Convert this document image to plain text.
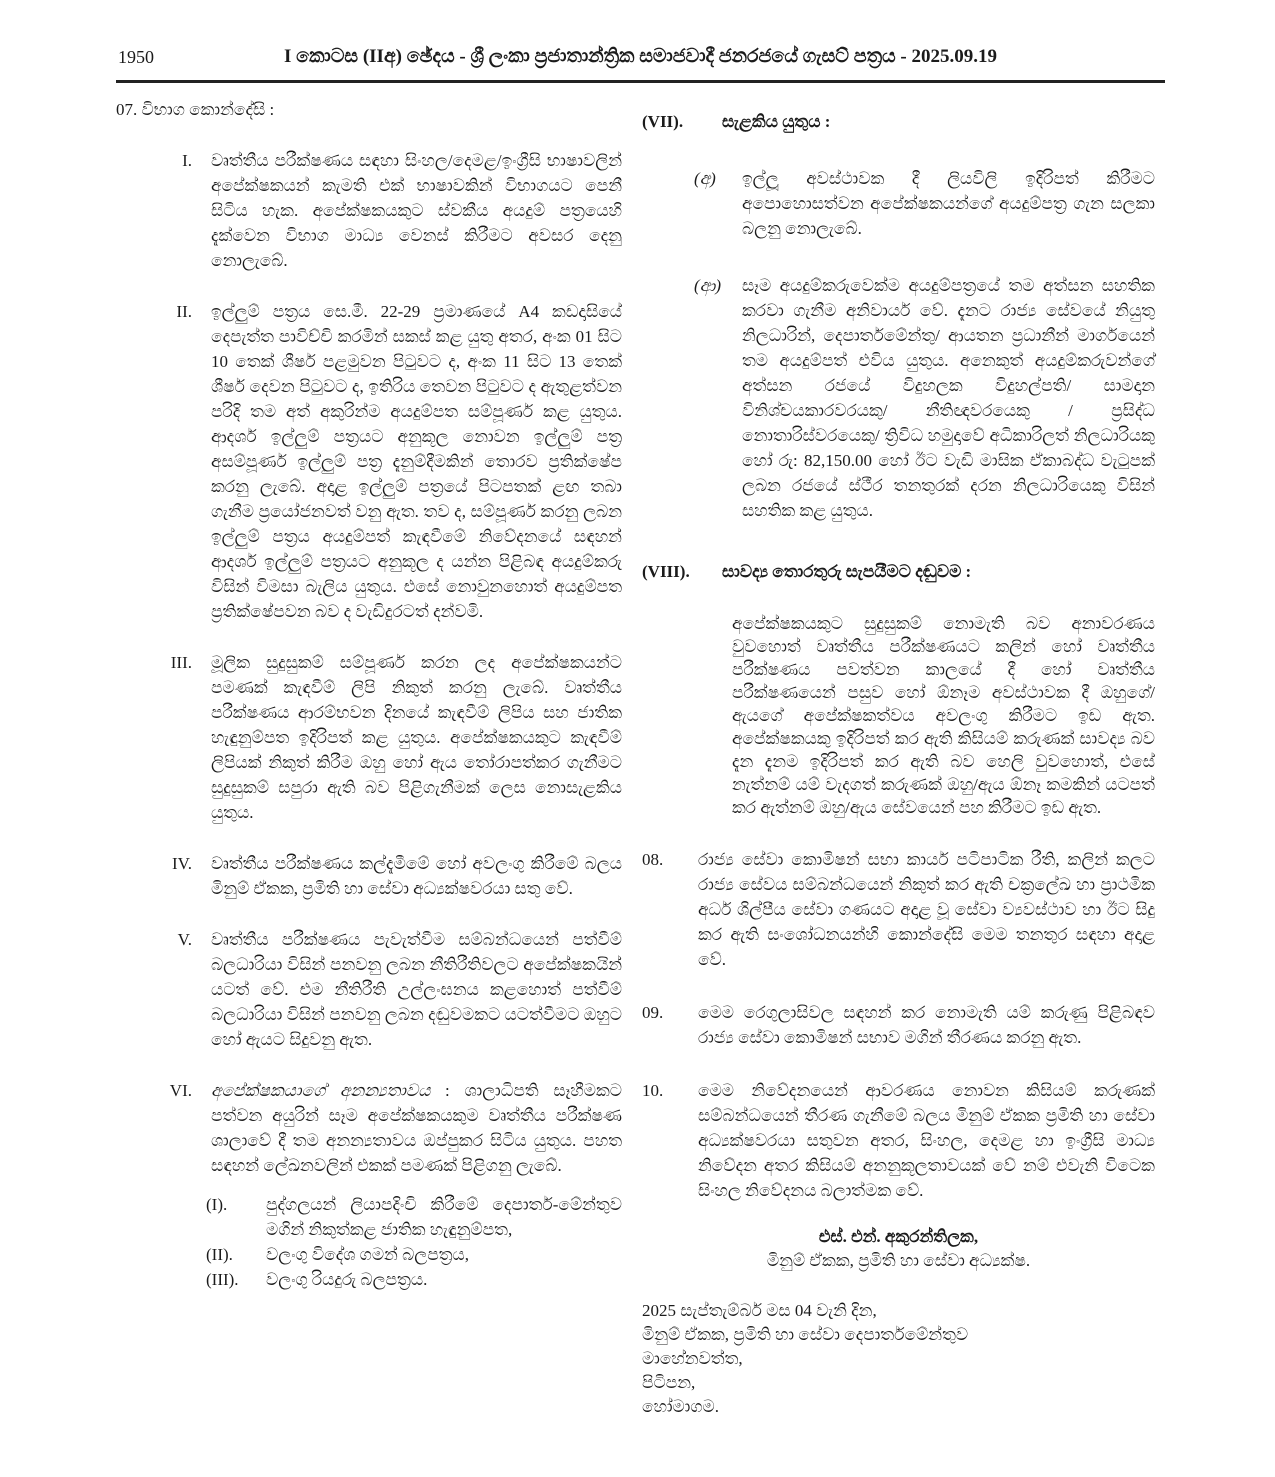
1950	I කොටස (IIඅ) ඡේදය - ශ්‍රී ලංකා ප්‍රජාතාන්ත්‍රික සමාජවාදී ජනරජයේ ගැසට් පත්‍රය - 2025.09.19
07. විභාග කොන්දේසි :
I. වෘත්තීය පරීක්ෂණය සඳහා සිංහල/දෙමළ/ඉංග්‍රීසි භාෂාවලින් අපේක්ෂකයන් කැමති එක් භාෂාවකින් විභාගයට පෙනී සිටිය හැක. අපේක්ෂකයකුට ස්වකීය අයදුම් පත්‍රයෙහි දැක්වෙන විභාග මාධ්‍ය වෙනස් කිරීමට අවසර දෙනු නොලැබේ.
II. ඉල්ලුම් පත්‍රය සෙ.මී. 22-29 ප්‍රමාණයේ A4 කඩදාසියේ දෙපැත්ත පාවිච්චි කරමින් සකස් කළ යුතු අතර, අංක 01 සිට 10 තෙක් ශීර්ෂ පළමුවන පිටුවට ද, අංක 11 සිට 13 තෙක් ශීර්ෂ දෙවන පිටුවට ද, ඉතිරිය තෙවන පිටුවට ද ඇතුළත්වන පරිදි තම අත් අකුරින්ම අයදුම්පත සම්පූර්ණ කළ යුතුය. ආදර්ශ ඉල්ලුම් පත්‍රයට අනුකූල නොවන ඉල්ලුම් පත්‍ර අසම්පූර්ණ ඉල්ලුම් පත්‍ර දැනුම්දීමකින් තොරව ප්‍රතික්ෂේප කරනු ලැබේ. අදාළ ඉල්ලුම් පත්‍රයේ පිටපතක් ළඟ තබා ගැනීම ප්‍රයෝජනවත් වනු ඇත. තව ද, සම්පූර්ණ කරනු ලබන ඉල්ලුම් පත්‍රය අයදුම්පත් කැඳවීමේ නිවේදනයේ සඳහන් ආදර්ශ ඉල්ලුම් පත්‍රයට අනුකූල ද යන්න පිළිබඳ අයදුම්කරු විසින් විමසා බැලිය යුතුය. එසේ නොවුනහොත් අයදුම්පත ප්‍රතික්ෂේපවන බව ද වැඩිදුරටත් දන්වමි.
III. මූලික සුදුසුකම් සම්පූර්ණ කරන ලද අපේක්ෂකයන්ට පමණක් කැඳවීම් ලිපි නිකුත් කරනු ලැබේ. වෘත්තීය පරීක්ෂණය ආරම්භවන දිනයේ කැඳවීම් ලිපිය සහ ජාතික හැඳුනුම්පත ඉදිරිපත් කළ යුතුය. අපේක්ෂකයකුට කැඳවීම් ලිපියක් නිකුත් කිරීම ඔහු හෝ ඇය තෝරාපත්කර ගැනීමට සුදුසුකම් සපුරා ඇති බව පිළිගැනීමක් ලෙස නොසැළකිය යුතුය.
IV. වෘත්තීය පරීක්ෂණය කල්දැමීමේ හෝ අවලංගු කිරීමේ බලය මිනුම් ඒකක, ප්‍රමිති හා සේවා අධ්‍යක්ෂවරයා සතු වේ.
V. වෘත්තීය පරීක්ෂණය පැවැත්වීම සම්බන්ධයෙන් පත්වීම් බලධාරියා විසින් පනවනු ලබන නීතිරීතිවලට අපේක්ෂකයින් යටත් වේ. එම නීතිරීති උල්ලංඝනය කළහොත් පත්වීම් බලධාරියා විසින් පනවනු ලබන දඬුවමකට යටත්වීමට ඔහුට හෝ ඇයට සිදුවනු ඇත.
VI. අපේක්ෂකයාගේ අනන්‍යතාවය : ශාලාධිපති සෑහීමකට පත්වන අයුරින් සෑම අපේක්ෂකයකුම වෘත්තීය පරීක්ෂණ ශාලාවේ දී තම අනන්‍යතාවය ඔප්පුකර සිටිය යුතුය. පහත සඳහන් ලේඛනවලින් එකක් පමණක් පිළිගනු ලැබේ.
(I).	පුද්ගලයන් ලියාපදිංචි කිරීමේ දෙපාර්ත-මේන්තුව මගින් නිකුත්කළ ජාතික හැඳුනුම්පත,
(II).	වලංගු විදේශ ගමන් බලපත්‍රය,
(III).	වලංගු රියදුරු බලපත්‍රය.
(VII).	සැළකිය යුතුය :
(අ)	ඉල්ලූ අවස්ථාවක දී ලියවිලි ඉදිරිපත් කිරීමට අපොහොසත්වන අපේක්ෂකයන්ගේ අයදුම්පත්‍ර ගැන සලකා බලනු නොලැබේ.
(ආ)	සෑම අයදුම්කරුවෙක්ම අයදුම්පත්‍රයේ තම අත්සන සහතික කරවා ගැනීම අනිවාර්ය වේ. දැනට රාජ්‍ය සේවයේ නියුතු නිලධාරින්, දෙපාර්තමේන්තු/ ආයතන ප්‍රධානීන් මාර්ගයෙන් තම අයදුම්පත් එවිය යුතුය. අනෙකුත් අයදුම්කරුවන්ගේ අත්සන රජයේ විදුහලක විදුහල්පති/ සාමදාන විනිශ්චයකාරවරයකු/ නීතිඥවරයෙකු / ප්‍රසිද්ධ නොතාරිස්වරයෙකු/ ත්‍රිවිධ හමුදාවේ අධිකාරිලත් නිලධාරියකු හෝ රු: 82,150.00 හෝ ඊට වැඩි මාසික ඒකාබද්ධ වැටුපක් ලබන රජයේ ස්ථීර තනතුරක් දරන නිලධාරියෙකු විසින් සහතික කළ යුතුය.
(VIII).	සාවද්‍ය තොරතුරු සැපයීමට දඬුවම :
අපේක්ෂකයකුට සුදුසුකම් නොමැති බව අනාවරණය වුවහොත් වෘත්තීය පරීක්ෂණයට කලින් හෝ වෘත්තීය පරීක්ෂණය පවත්වන කාලයේ දී හෝ වෘත්තීය පරීක්ෂණයෙන් පසුව හෝ ඕනෑම අවස්ථාවක දී ඔහුගේ/ඇයගේ අපේක්ෂකත්වය අවලංගු කිරීමට ඉඩ ඇත. අපේක්ෂකයකු ඉදිරිපත් කර ඇති කිසියම් කරුණක් සාවද්‍ය බව දැන දැනම ඉදිරිපත් කර ඇති බව හෙලි වුවහොත්, එසේ නැත්නම් යම් වැදගත් කරුණක් ඔහු/ඇය ඕනෑ කමකින් යටපත් කර ඇත්නම් ඔහු/ඇය සේවයෙන් පහ කිරීමට ඉඩ ඇත.
08.	රාජ්‍ය සේවා කොමිෂන් සභා කාර්ය පටිපාටික රීති, කලින් කලට රාජ්‍ය සේවය සම්බන්ධයෙන් නිකුත් කර ඇති චක්‍රලේඛ හා ප්‍රාථමික අර්ධ ශිල්පීය සේවා ගණයට අදාළ වූ සේවා ව්‍යවස්ථාව හා ඊට සිදු කර ඇති සංශෝධනයන්හි කොන්දේසි මෙම තනතුර සඳහා අදාළ වේ.
09.	මෙම රෙගුලාසිවල සඳහන් කර නොමැති යම් කරුණු පිළිබඳව රාජ්‍ය සේවා කොමිෂන් සභාව මගින් තීරණය කරනු ඇත.
10.	මෙම නිවේදනයෙන් ආවරණය නොවන කිසියම් කරුණක් සම්බන්ධයෙන් තීරණ ගැනීමේ බලය මිනුම් ඒකක ප්‍රමිති හා සේවා අධ්‍යක්ෂවරයා සතුවන අතර, සිංහල, දෙමළ හා ඉංග්‍රීසි මාධ්‍ය නිවේදන අතර කිසියම් අනනුකූලතාවයක් වේ නම් එවැනි විටෙක සිංහල නිවේදනය බලාත්මක වේ.
එස්. එන්. අකුරන්තිලක,
මිනුම් ඒකක, ප්‍රමිති හා සේවා අධ්‍යක්ෂ.
2025 සැප්තැම්බර් මස 04 වැනි දින,
මිනුම් ඒකක, ප්‍රමිති හා සේවා දෙපාර්තමේන්තුව
මාහේනවත්ත,
පිටිපන,
හෝමාගම.
